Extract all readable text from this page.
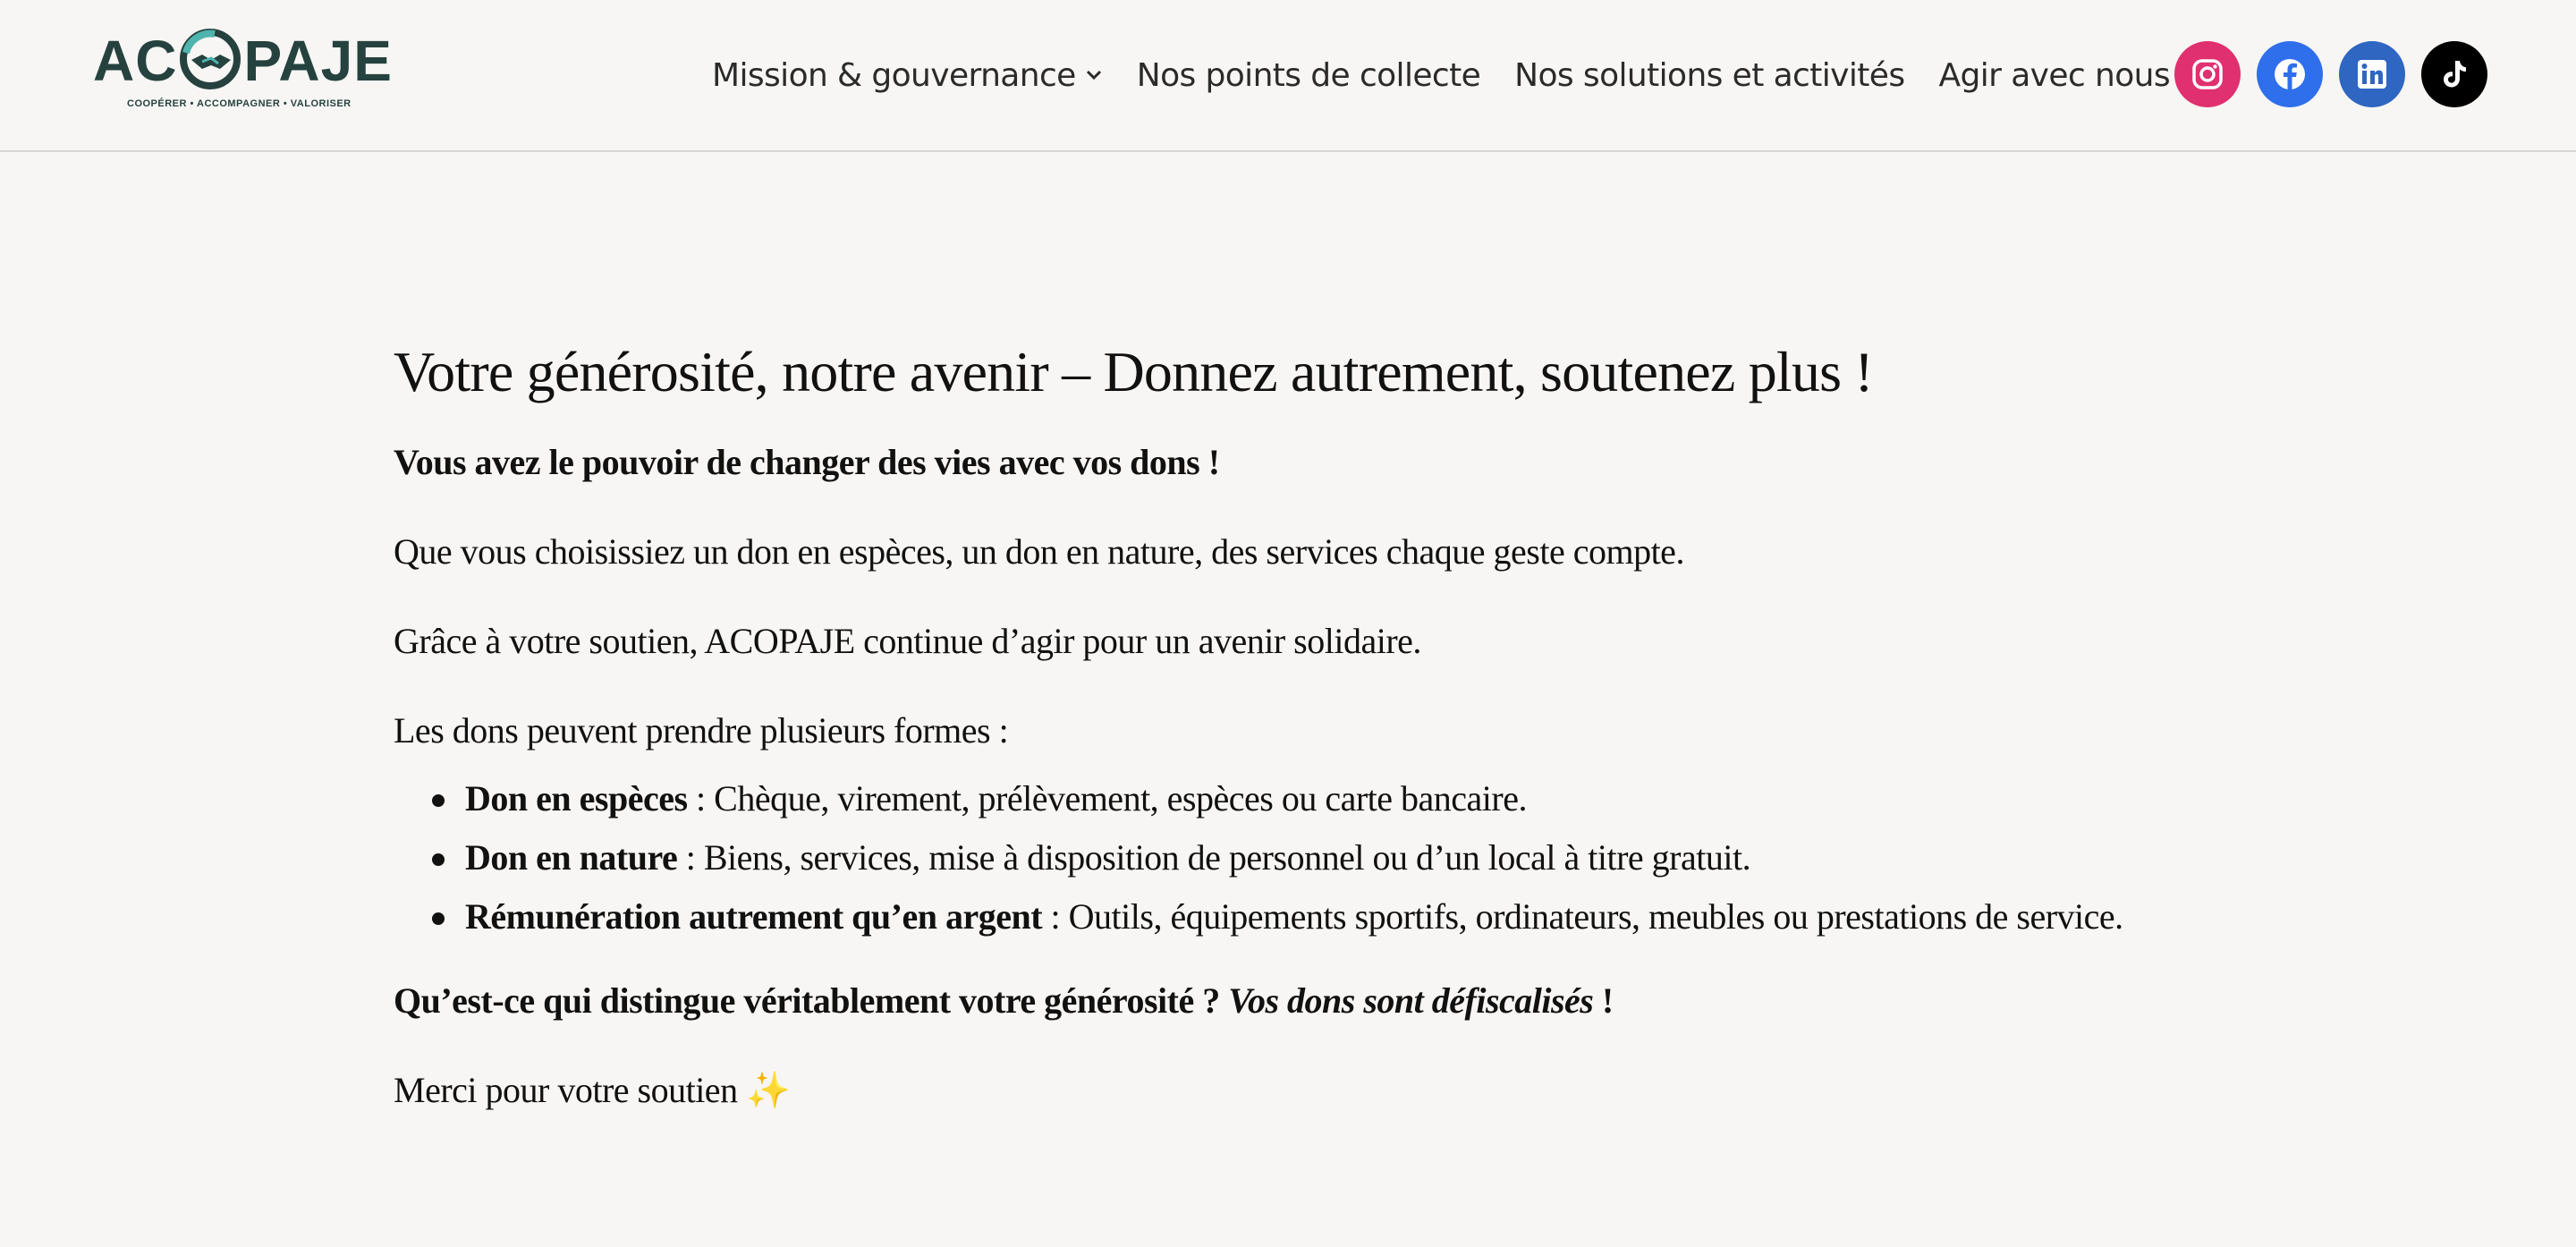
AC PAJE
COOPÉRER • ACCOMPAGNER • VALORISER
Mission & gouvernance Nos points de collecte Nos solutions et activités Agir avec nous
Votre générosité, notre avenir – Donnez autrement, soutenez plus !

Vous avez le pouvoir de changer des vies avec vos dons !

Que vous choisissiez un don en espèces, un don en nature, des services chaque geste compte.

Grâce à votre soutien, ACOPAJE continue d’agir pour un avenir solidaire.

Les dons peuvent prendre plusieurs formes :

Don en espèces : Chèque, virement, prélèvement, espèces ou carte bancaire.
Don en nature : Biens, services, mise à disposition de personnel ou d’un local à titre gratuit.
Rémunération autrement qu’en argent : Outils, équipements sportifs, ordinateurs, meubles ou prestations de service.

Qu’est-ce qui distingue véritablement votre générosité ? Vos dons sont défiscalisés !

Merci pour votre soutien ✨
